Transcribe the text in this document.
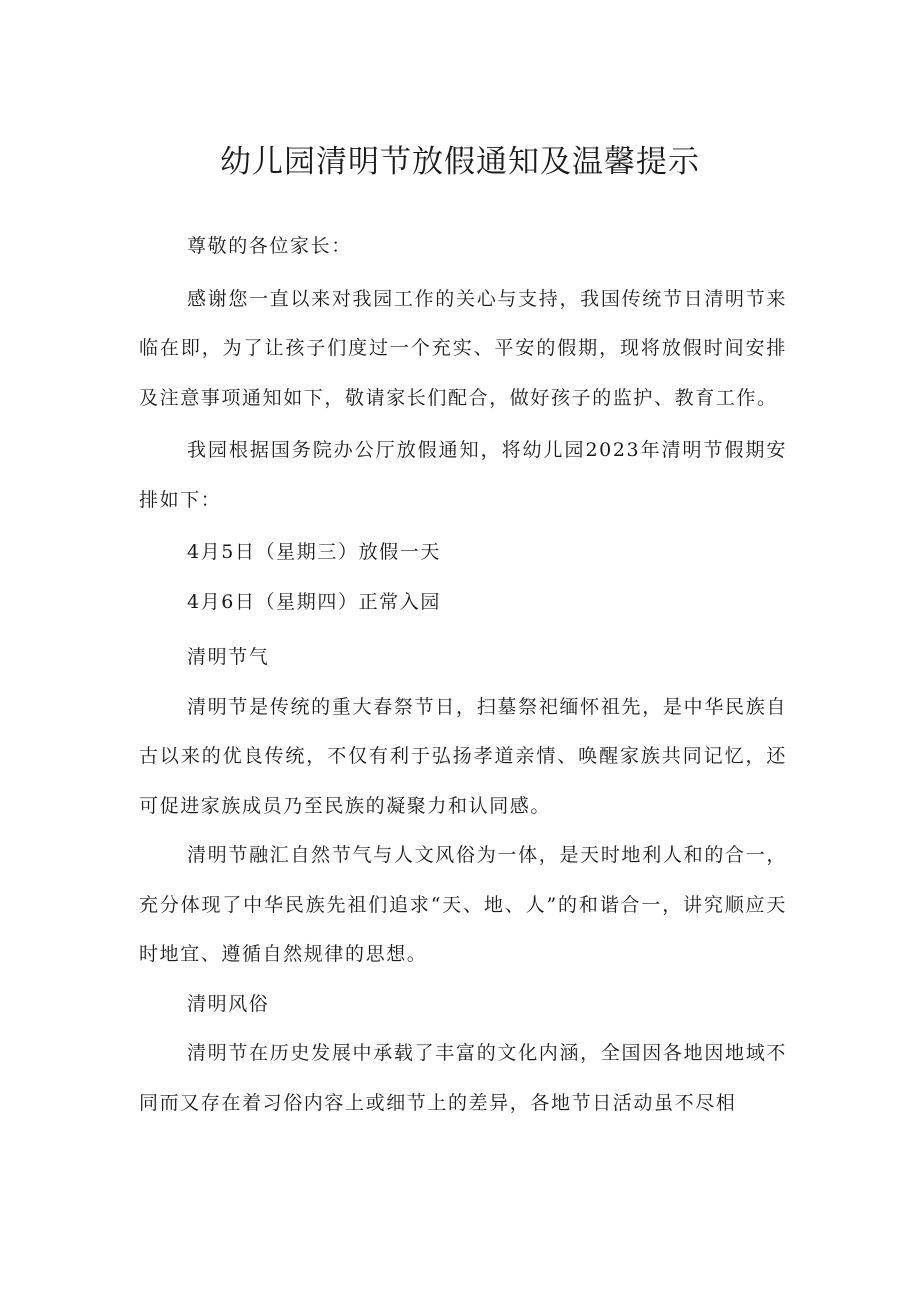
幼儿园清明节放假通知及温馨提示

尊敬的各位家长：

感谢您一直以来对我园工作的关心与支持，我国传统节日清明节来临在即，为了让孩子们度过一个充实、平安的假期，现将放假时间安排及注意事项通知如下，敬请家长们配合，做好孩子的监护、教育工作。

我园根据国务院办公厅放假通知，将幼儿园2023年清明节假期安排如下：

4月5日（星期三）放假一天

4月6日（星期四）正常入园

清明节气

清明节是传统的重大春祭节日，扫墓祭祀缅怀祖先，是中华民族自古以来的优良传统，不仅有利于弘扬孝道亲情、唤醒家族共同记忆，还可促进家族成员乃至民族的凝聚力和认同感。

清明节融汇自然节气与人文风俗为一体，是天时地利人和的合一，充分体现了中华民族先祖们追求“天、地、人”的和谐合一，讲究顺应天时地宜、遵循自然规律的思想。

清明风俗

清明节在历史发展中承载了丰富的文化内涵，全国因各地因地域不同而又存在着习俗内容上或细节上的差异，各地节日活动虽不尽相
